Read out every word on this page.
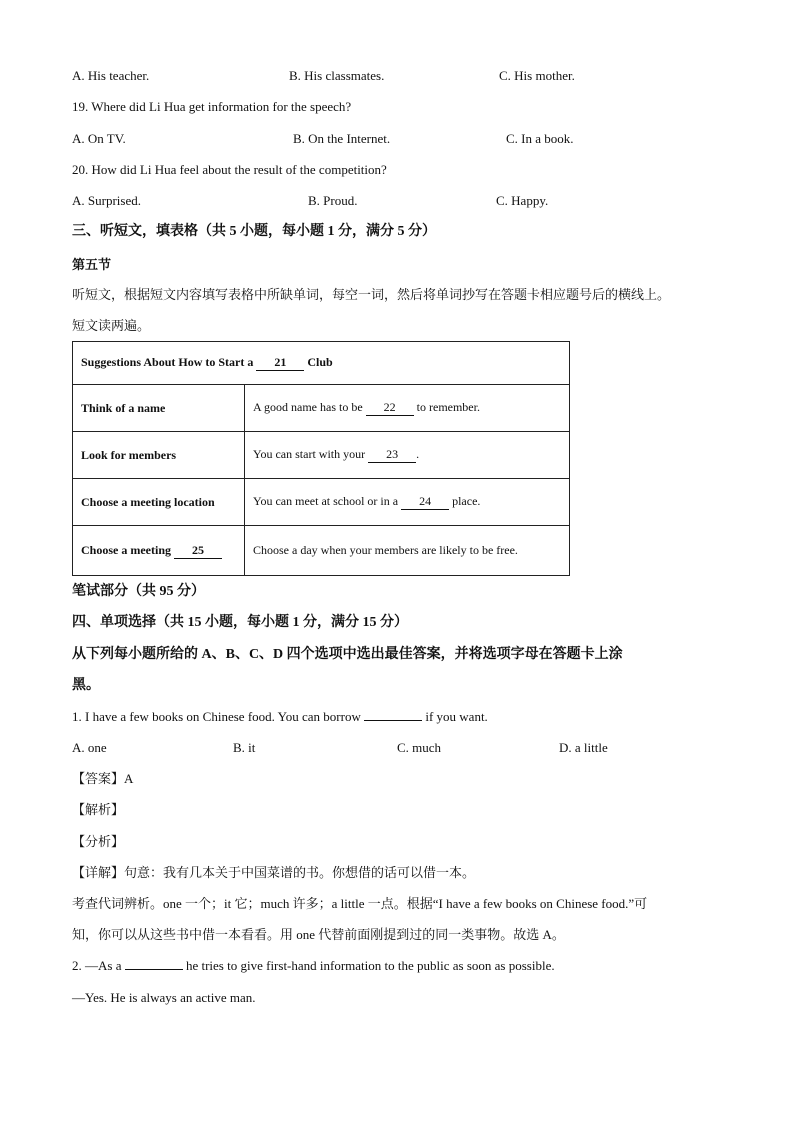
A. His teacher.	B. His classmates.	C. His mother.
19. Where did Li Hua get information for the speech?
A. On TV.	B. On the Internet.	C. In a book.
20. How did Li Hua feel about the result of the competition?
A. Surprised.	B. Proud.	C. Happy.
三、听短文，填表格（共 5 小题，每小题 1 分，满分 5 分）
第五节
听短文，根据短文内容填写表格中所缺单词，每空一词，然后将单词抄写在答题卡相应题号后的横线上。
短文读两遍。
Suggestions About How to Start a 21 Club	
Think of a name	A good name has to be 22 to remember.
Look for members	You can start with your 23 .
Choose a meeting location	You can meet at school or in a 24 place.
Choose a meeting 25	Choose a day when your members are likely to be free.
笔试部分（共 95 分）
四、单项选择（共 15 小题，每小题 1 分，满分 15 分）
从下列每小题所给的 A、B、C、D 四个选项中选出最佳答案，并将选项字母在答题卡上涂
黑。
1. I have a few books on Chinese food. You can borrow	if you want.
A. one	B. it	C. much	D. a little
【答案】A
【解析】
【分析】
【详解】句意：我有几本关于中国菜谱的书。你想借的话可以借一本。
考查代词辨析。one 一个；it 它；much 许多；a little 一点。根据“I have a few books on Chinese food.”可
知，你可以从这些书中借一本看看。用 one 代替前面刚提到过的同一类事物。故选 A。
2. —As a	he tries to give first-hand information to the public as soon as possible.
—Yes. He is always an active man.
